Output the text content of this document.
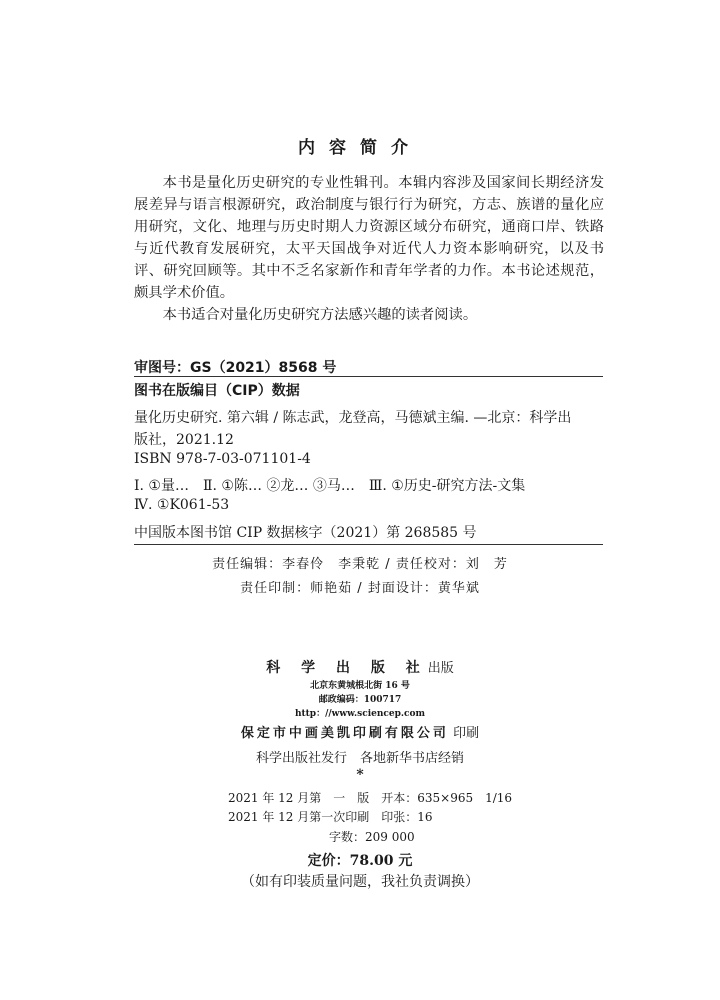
内容简介

本书是量化历史研究的专业性辑刊。本辑内容涉及国家间长期经济发展差异与语言根源研究，政治制度与银行行为研究，方志、族谱的量化应用研究，文化、地理与历史时期人力资源区域分布研究，通商口岸、铁路与近代教育发展研究，太平天国战争对近代人力资本影响研究，以及书评、研究回顾等。其中不乏名家新作和青年学者的力作。本书论述规范，颇具学术价值。

本书适合对量化历史研究方法感兴趣的读者阅读。

审图号：GS（2021）8568 号
图书在版编目（CIP）数据
量化历史研究. 第六辑 / 陈志武，龙登高，马德斌主编. —北京：科学出
版社，2021.12
ISBN 978-7-03-071101-4
Ⅰ. ①量…　Ⅱ. ①陈… ②龙… ③马…　Ⅲ. ①历史-研究方法-文集
Ⅳ. ①K061-53
中国版本图书馆 CIP 数据核字（2021）第 268585 号
责任编辑：李春伶　李秉乾 / 责任校对：刘　芳
责任印制：师艳茹 / 封面设计：黄华斌
科 学 出 版 社出版
北京东黄城根北街 16 号
邮政编码：100717
http：//www.sciencep.com
保定市中画美凯印刷有限公司 印刷
科学出版社发行　各地新华书店经销
*
2021 年 12 月第　一　版　开本：635×965　1/16
2021 年 12 月第一次印刷　印张：16
字数：209 000
定价：78.00 元
（如有印装质量问题，我社负责调换）
